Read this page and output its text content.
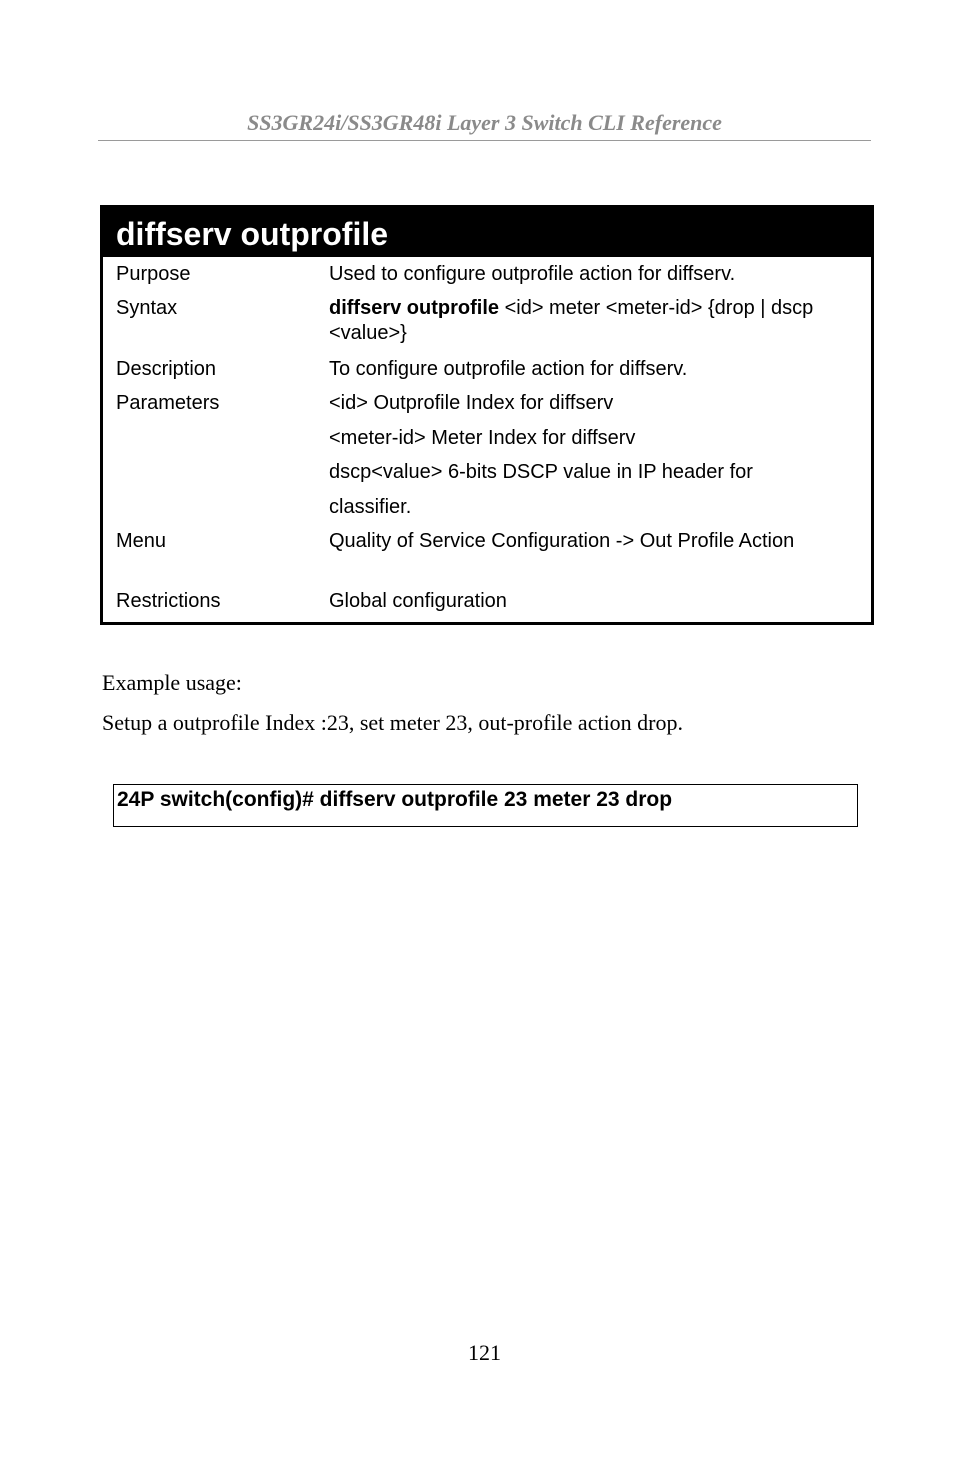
SS3GR24i/SS3GR48i Layer 3 Switch CLI Reference
diffserv outprofile
Purpose	Used to configure outprofile action for diffserv.
Syntax	diffserv outprofile <id> meter <meter-id> {drop | dscp <value>}
Description	To configure outprofile action for diffserv.
Parameters	<id> Outprofile Index for diffserv
<meter-id> Meter Index for diffserv
dscp<value> 6-bits DSCP value in IP header for
classifier.
Menu	Quality of Service Configuration -> Out Profile Action
Restrictions	Global configuration
Example usage:
Setup a outprofile Index :23, set meter 23, out-profile action drop.
24P switch(config)# diffserv outprofile 23 meter 23 drop
121
